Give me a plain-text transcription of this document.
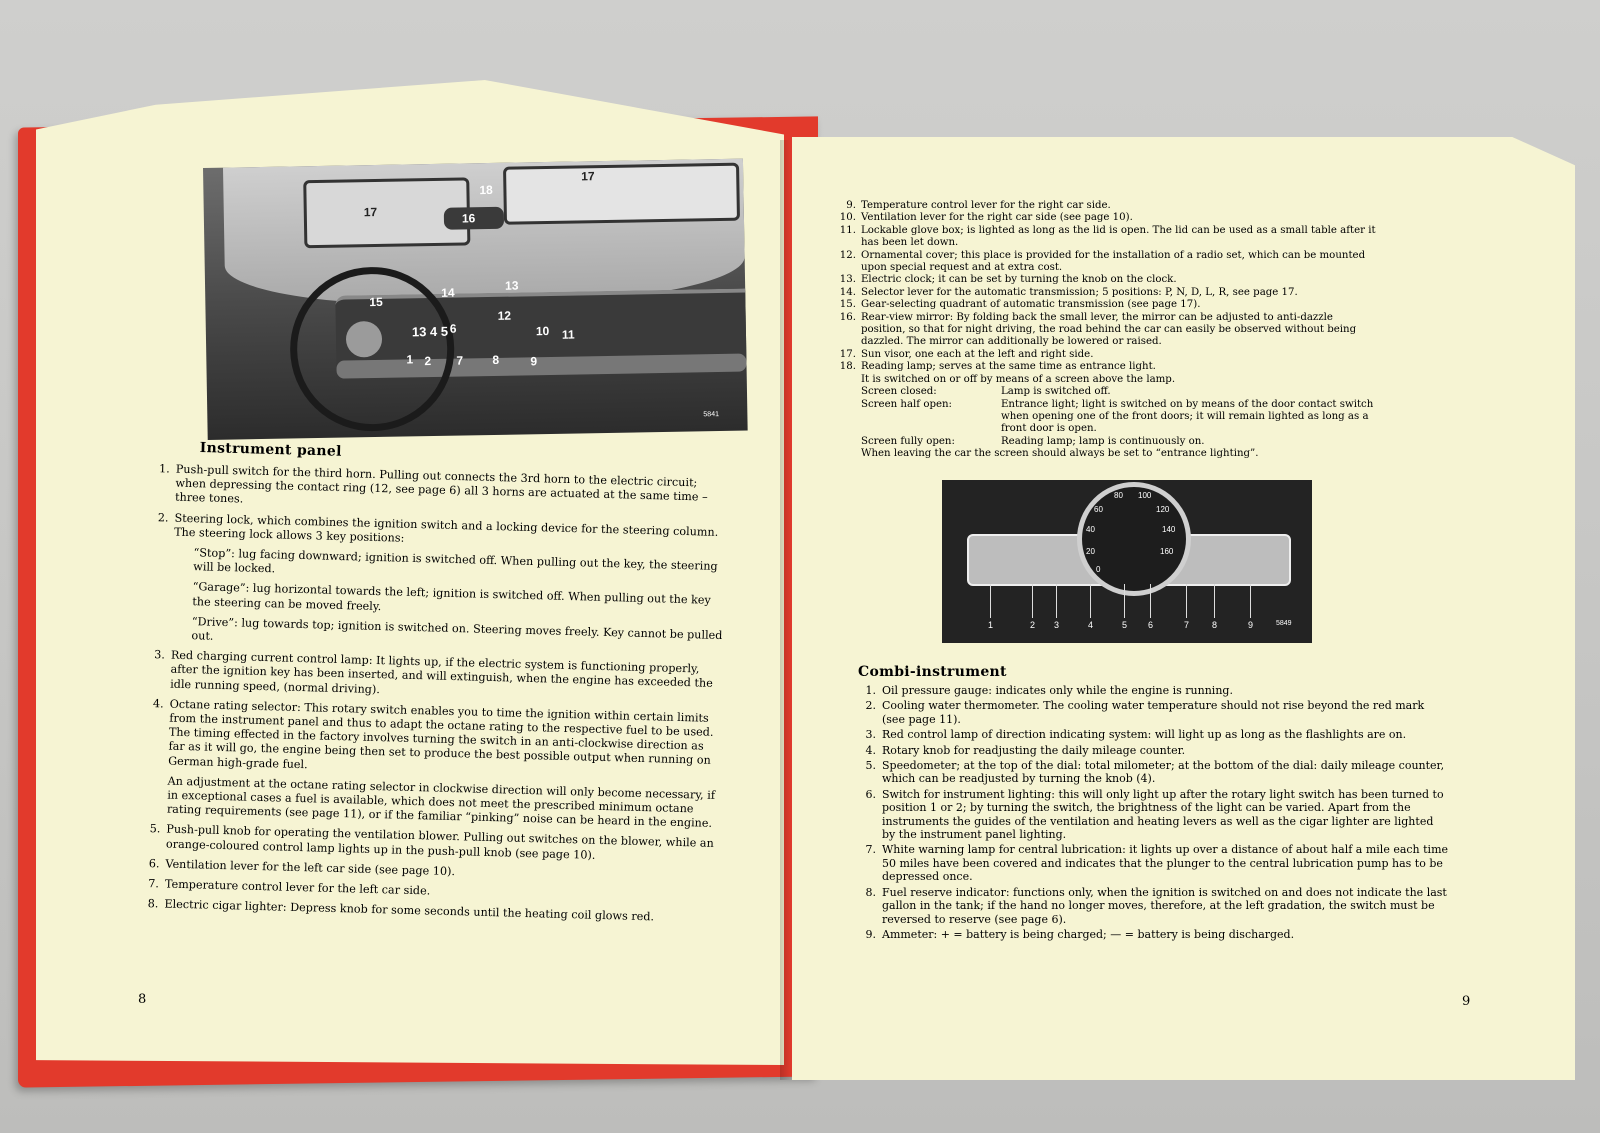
17
17
18
16
13
14
15
12
10 11
6
1 2 7 8	9
13 4 5
5841
Instrument panel
1. Push-pull switch for the third horn. Pulling out connects the 3rd horn to the electric circuit; when depressing the contact ring (12, see page 6) all 3 horns are actuated at the same time – three tones.
2. Steering lock, which combines the ignition switch and a locking device for the steering column. The steering lock allows 3 key positions:
“Stop”: lug facing downward; ignition is switched off. When pulling out the key, the steering will be locked.
“Garage”: lug horizontal towards the left; ignition is switched off. When pulling out the key the steering can be moved freely.
“Drive”: lug towards top; ignition is switched on. Steering moves freely. Key cannot be pulled out.
3. Red charging current control lamp: It lights up, if the electric system is functioning properly, after the ignition key has been inserted, and will extinguish, when the engine has exceeded the idle running speed, (normal driving).
4. Octane rating selector: This rotary switch enables you to time the ignition within certain limits from the instrument panel and thus to adapt the octane rating to the respective fuel to be used. The timing effected in the factory involves turning the switch in an anti-clockwise direction as far as it will go, the engine being then set to produce the best possible output when running on German high-grade fuel.
An adjustment at the octane rating selector in clockwise direction will only become necessary, if in exceptional cases a fuel is available, which does not meet the prescribed minimum octane rating requirements (see page 11), or if the familiar “pinking” noise can be heard in the engine.
5. Push-pull knob for operating the ventilation blower. Pulling out switches on the blower, while an orange-coloured control lamp lights up in the push-pull knob (see page 10).
6. Ventilation lever for the left car side (see page 10).
7. Temperature control lever for the left car side.
8. Electric cigar lighter: Depress knob for some seconds until the heating coil glows red.
8
9. Temperature control lever for the right car side.
10. Ventilation lever for the right car side (see page 10).
11. Lockable glove box; is lighted as long as the lid is open. The lid can be used as a small table after it has been let down.
12. Ornamental cover; this place is provided for the installation of a radio set, which can be mounted upon special request and at extra cost.
13. Electric clock; it can be set by turning the knob on the clock.
14. Selector lever for the automatic transmission; 5 positions: P, N, D, L, R, see page 17.
15. Gear-selecting quadrant of automatic transmission (see page 17).
16. Rear-view mirror: By folding back the small lever, the mirror can be adjusted to anti-dazzle position, so that for night driving, the road behind the car can easily be observed without being dazzled. The mirror can additionally be lowered or raised.
17. Sun visor, one each at the left and right side.
18. Reading lamp; serves at the same time as entrance light.
It is switched on or off by means of a screen above the lamp.
Screen closed:	Lamp is switched off.
Screen half open:	Entrance light; light is switched on by means of the door contact switch when opening one of the front doors; it will remain lighted as long as a front door is open.
Screen fully open:	Reading lamp; lamp is continuously on.
When leaving the car the screen should always be set to “entrance lighting”.
80 100
60	120
40	140
20	160
0
1	2 3	4	5 6	7	8	9	5849
Combi-instrument
1. Oil pressure gauge: indicates only while the engine is running.
2. Cooling water thermometer. The cooling water temperature should not rise beyond the red mark (see page 11).
3. Red control lamp of direction indicating system: will light up as long as the flashlights are on.
4. Rotary knob for readjusting the daily mileage counter.
5. Speedometer; at the top of the dial: total milometer; at the bottom of the dial: daily mileage counter, which can be readjusted by turning the knob (4).
6. Switch for instrument lighting: this will only light up after the rotary light switch has been turned to position 1 or 2; by turning the switch, the brightness of the light can be varied. Apart from the instruments the guides of the ventilation and heating levers as well as the cigar lighter are lighted by the instrument panel lighting.
7. White warning lamp for central lubrication: it lights up over a distance of about half a mile each time 50 miles have been covered and indicates that the plunger to the central lubrication pump has to be depressed once.
8. Fuel reserve indicator: functions only, when the ignition is switched on and does not indicate the last gallon in the tank; if the hand no longer moves, therefore, at the left gradation, the switch must be reversed to reserve (see page 6).
9. Ammeter: + = battery is being charged; — = battery is being discharged.
9
